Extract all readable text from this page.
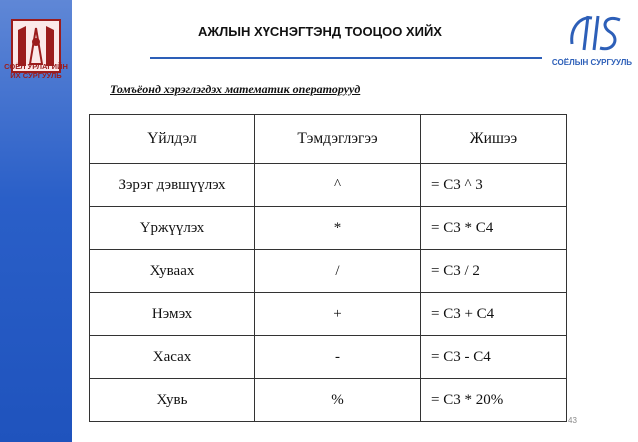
СОЁЛ УРЛАГИЙН
ИХ СУРГУУЛЬ
АЖЛЫН ХҮСНЭГТЭНД ТООЦОО ХИЙХ
СОЁЛЫН СУРГУУЛЬ
Томъёонд хэрэглэгдэх математик операторууд
Үйлдэл	Тэмдэглэгээ	Жишээ
Зэрэг дэвшүүлэх	^	= C3 ^ 3
Үржүүлэх	*	= C3 * C4
Хуваах	/	= C3 / 2
Нэмэх	+	= C3 + C4
Хасах	-	= C3 - C4
Хувь	%	= C3 * 20%
43
